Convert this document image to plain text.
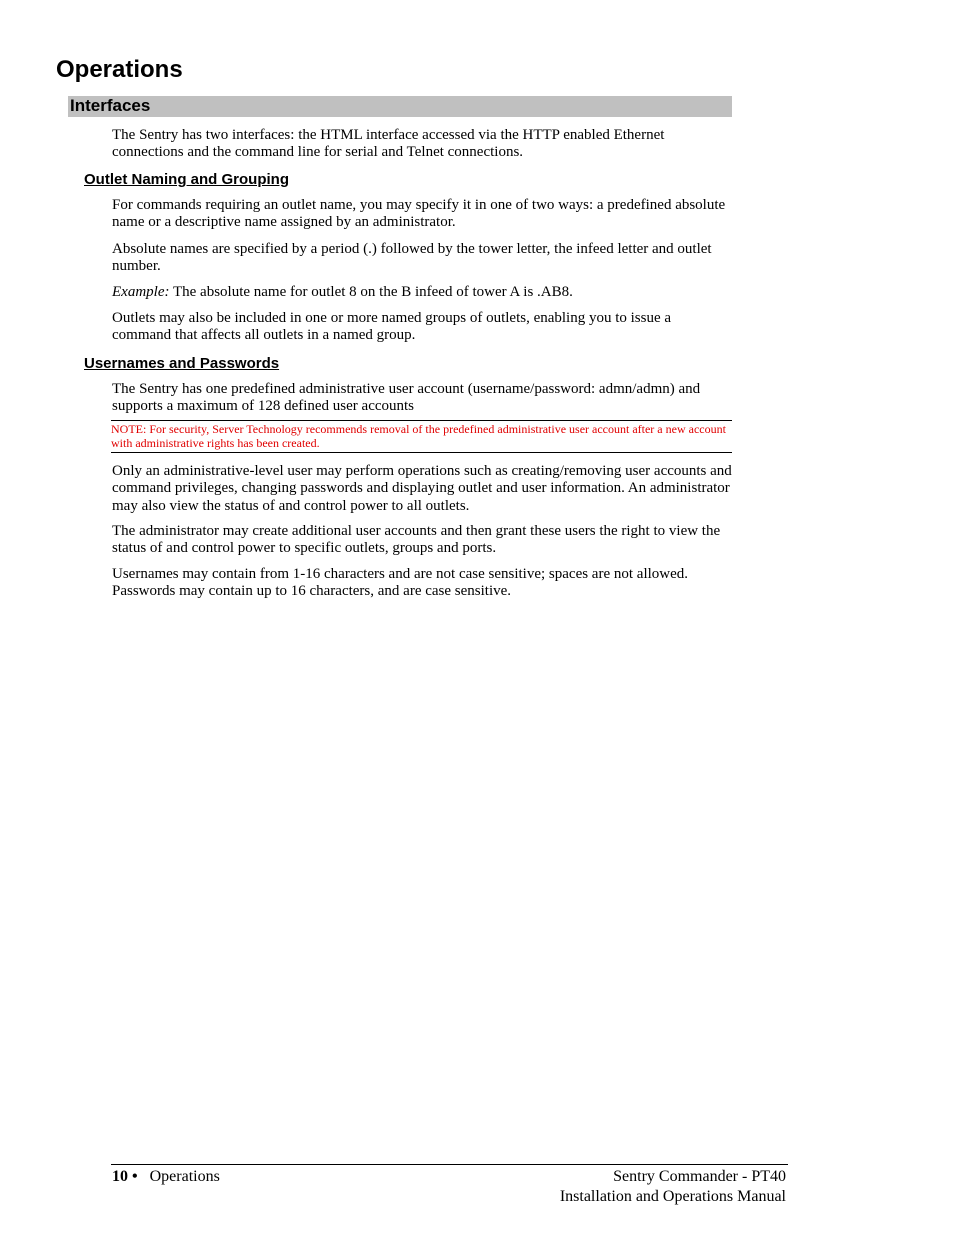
Operations
Interfaces

The Sentry has two interfaces: the HTML interface accessed via the HTTP enabled Ethernet connections and the command line for serial and Telnet connections.

Outlet Naming and Grouping

For commands requiring an outlet name, you may specify it in one of two ways: a predefined absolute name or a descriptive name assigned by an administrator.

Absolute names are specified by a period (.) followed by the tower letter, the infeed letter and outlet number.

Example: The absolute name for outlet 8 on the B infeed of tower A is .AB8.

Outlets may also be included in one or more named groups of outlets, enabling you to issue a command that affects all outlets in a named group.

Usernames and Passwords

The Sentry has one predefined administrative user account (username/password: admn/admn) and supports a maximum of 128 defined user accounts

NOTE: For security, Server Technology recommends removal of the predefined administrative user account after a new account with administrative rights has been created.

Only an administrative-level user may perform operations such as creating/removing user accounts and command privileges, changing passwords and displaying outlet and user information. An administrator may also view the status of and control power to all outlets.

The administrator may create additional user accounts and then grant these users the right to view the status of and control power to specific outlets, groups and ports.

Usernames may contain from 1-16 characters and are not case sensitive; spaces are not allowed. Passwords may contain up to 16 characters, and are case sensitive.

10 • Operations	Sentry Commander - PT40
Installation and Operations Manual
